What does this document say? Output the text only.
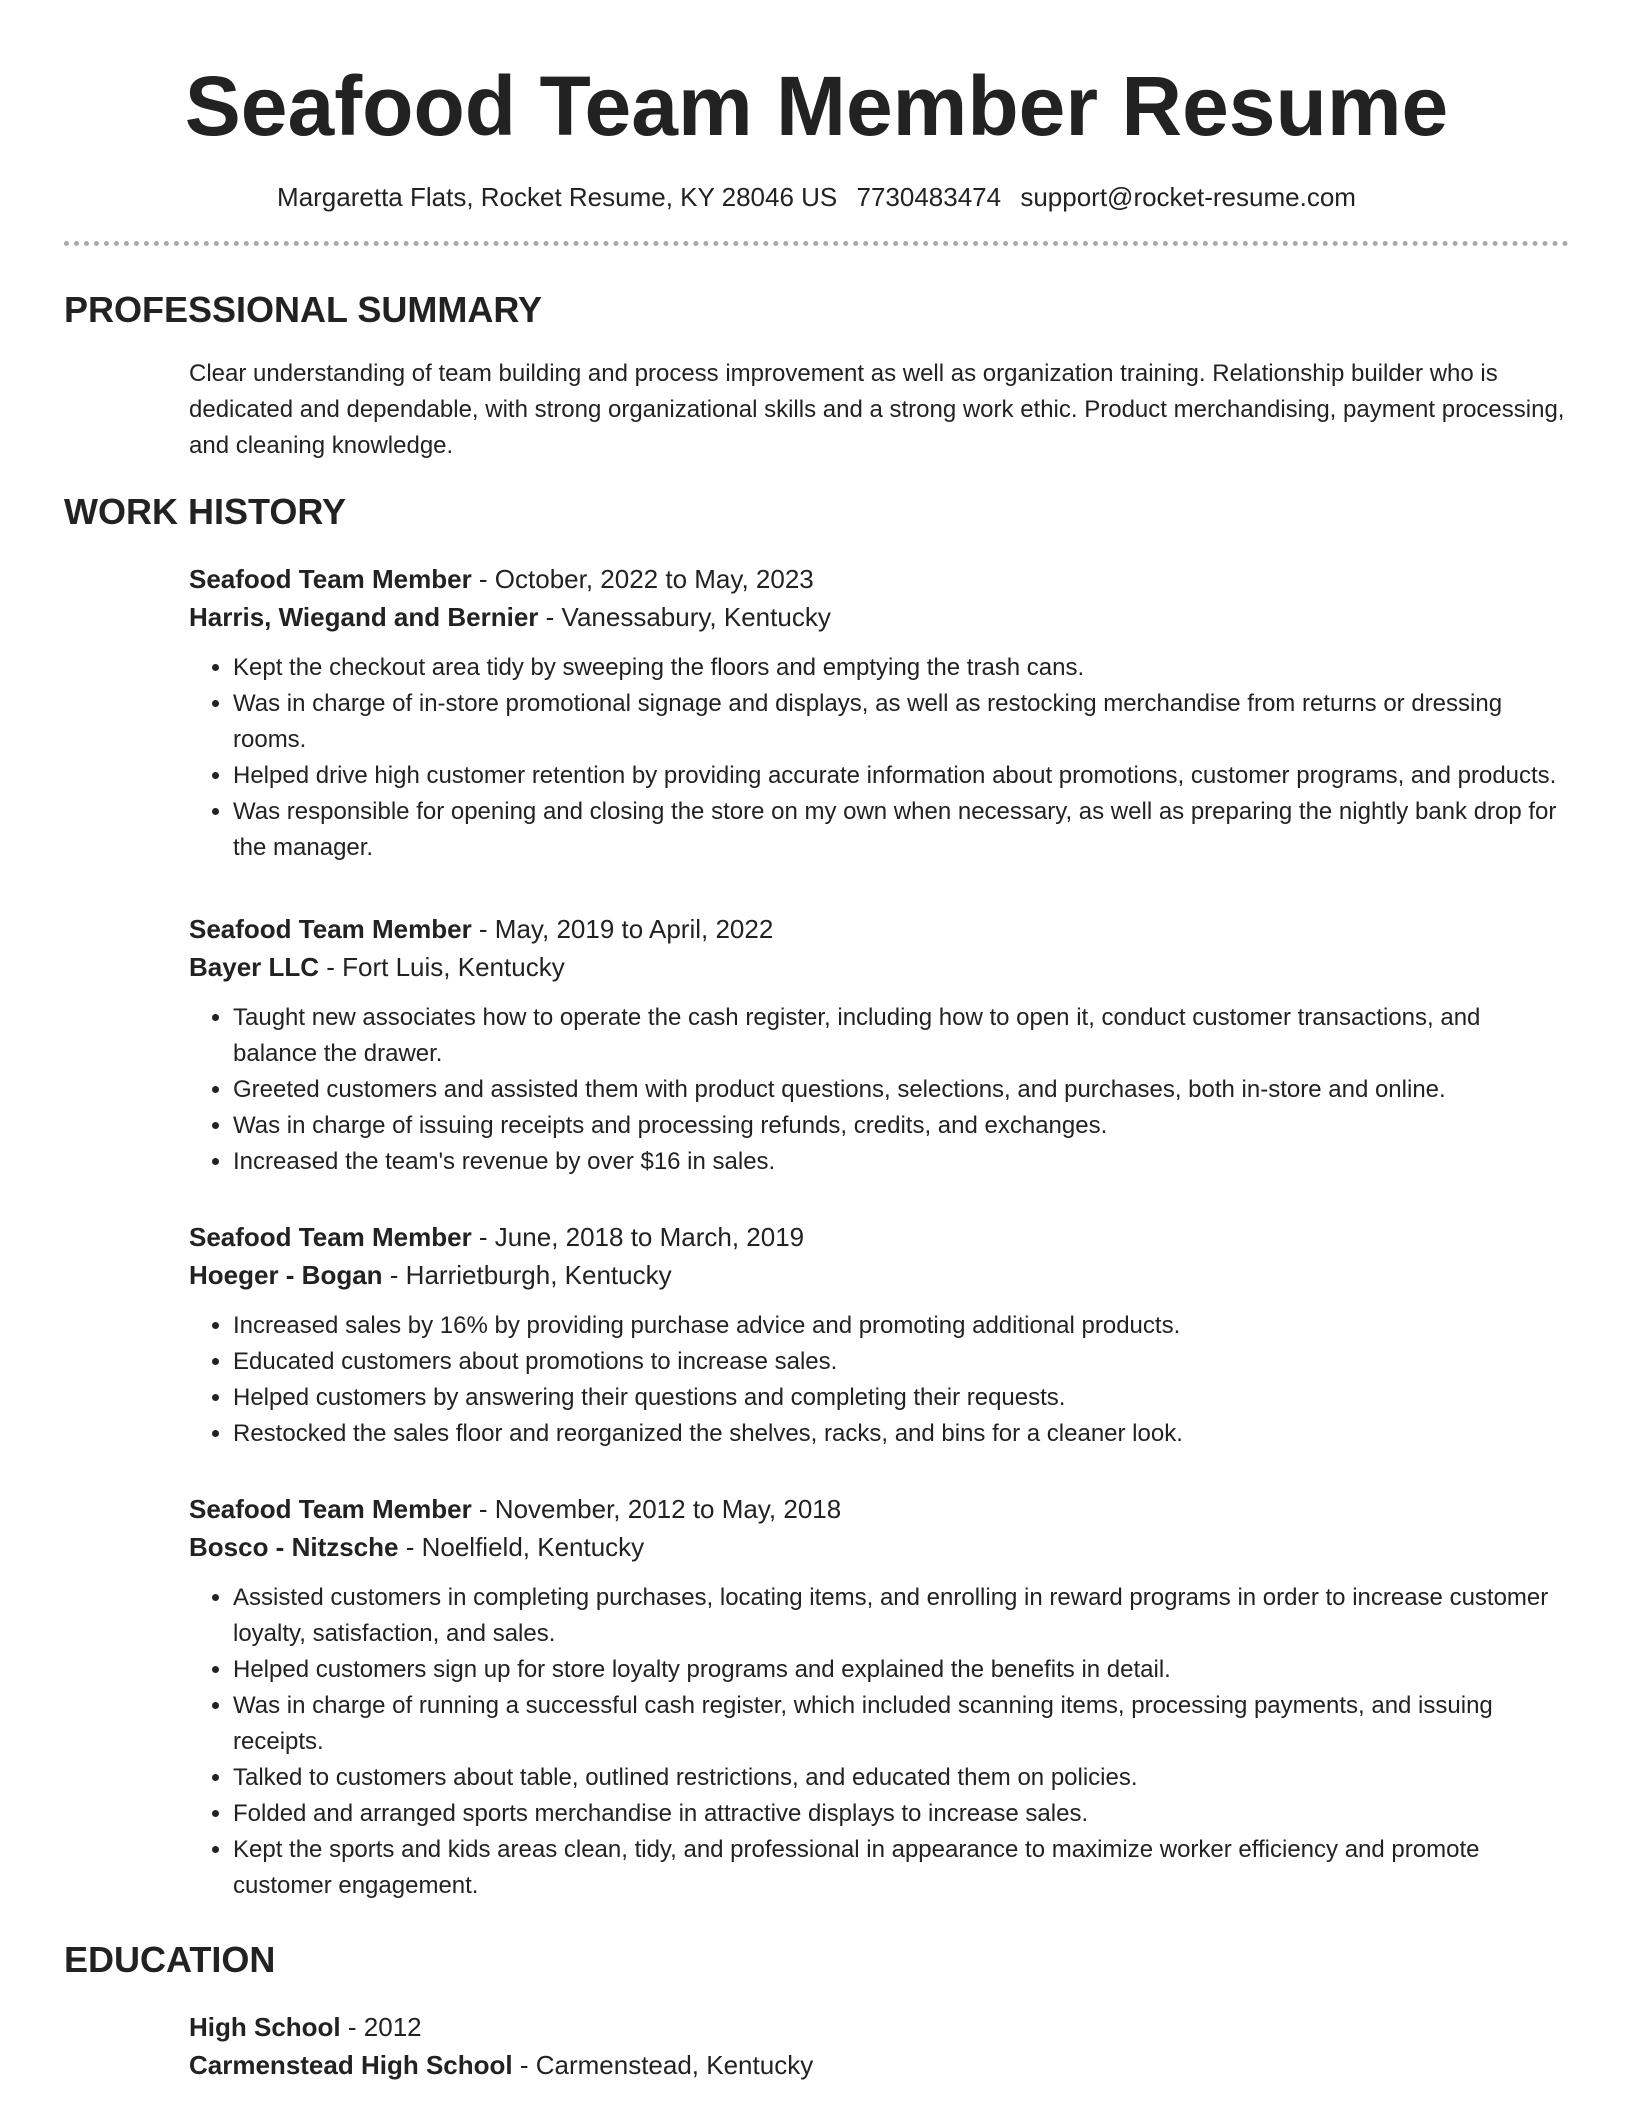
Seafood Team Member Resume
Margaretta Flats, Rocket Resume, KY 28046 US 7730483474 support@rocket-resume.com
PROFESSIONAL SUMMARY

Clear understanding of team building and process improvement as well as organization training. Relationship builder who is dedicated and dependable, with strong organizational skills and a strong work ethic. Product merchandising, payment processing, and cleaning knowledge.

WORK HISTORY
Seafood Team Member - October, 2022 to May, 2023
Harris, Wiegand and Bernier - Vanessabury, Kentucky
• Kept the checkout area tidy by sweeping the floors and emptying the trash cans.
• Was in charge of in-store promotional signage and displays, as well as restocking merchandise from returns or dressing rooms.
• Helped drive high customer retention by providing accurate information about promotions, customer programs, and products.
• Was responsible for opening and closing the store on my own when necessary, as well as preparing the nightly bank drop for the manager.
Seafood Team Member - May, 2019 to April, 2022
Bayer LLC - Fort Luis, Kentucky
• Taught new associates how to operate the cash register, including how to open it, conduct customer transactions, and balance the drawer.
• Greeted customers and assisted them with product questions, selections, and purchases, both in-store and online.
• Was in charge of issuing receipts and processing refunds, credits, and exchanges.
• Increased the team's revenue by over $16 in sales.
Seafood Team Member - June, 2018 to March, 2019
Hoeger - Bogan - Harrietburgh, Kentucky
• Increased sales by 16% by providing purchase advice and promoting additional products.
• Educated customers about promotions to increase sales.
• Helped customers by answering their questions and completing their requests.
• Restocked the sales floor and reorganized the shelves, racks, and bins for a cleaner look.
Seafood Team Member - November, 2012 to May, 2018
Bosco - Nitzsche - Noelfield, Kentucky
• Assisted customers in completing purchases, locating items, and enrolling in reward programs in order to increase customer loyalty, satisfaction, and sales.
• Helped customers sign up for store loyalty programs and explained the benefits in detail.
• Was in charge of running a successful cash register, which included scanning items, processing payments, and issuing receipts.
• Talked to customers about table, outlined restrictions, and educated them on policies.
• Folded and arranged sports merchandise in attractive displays to increase sales.
• Kept the sports and kids areas clean, tidy, and professional in appearance to maximize worker efficiency and promote customer engagement.
EDUCATION
High School - 2012
Carmenstead High School - Carmenstead, Kentucky
